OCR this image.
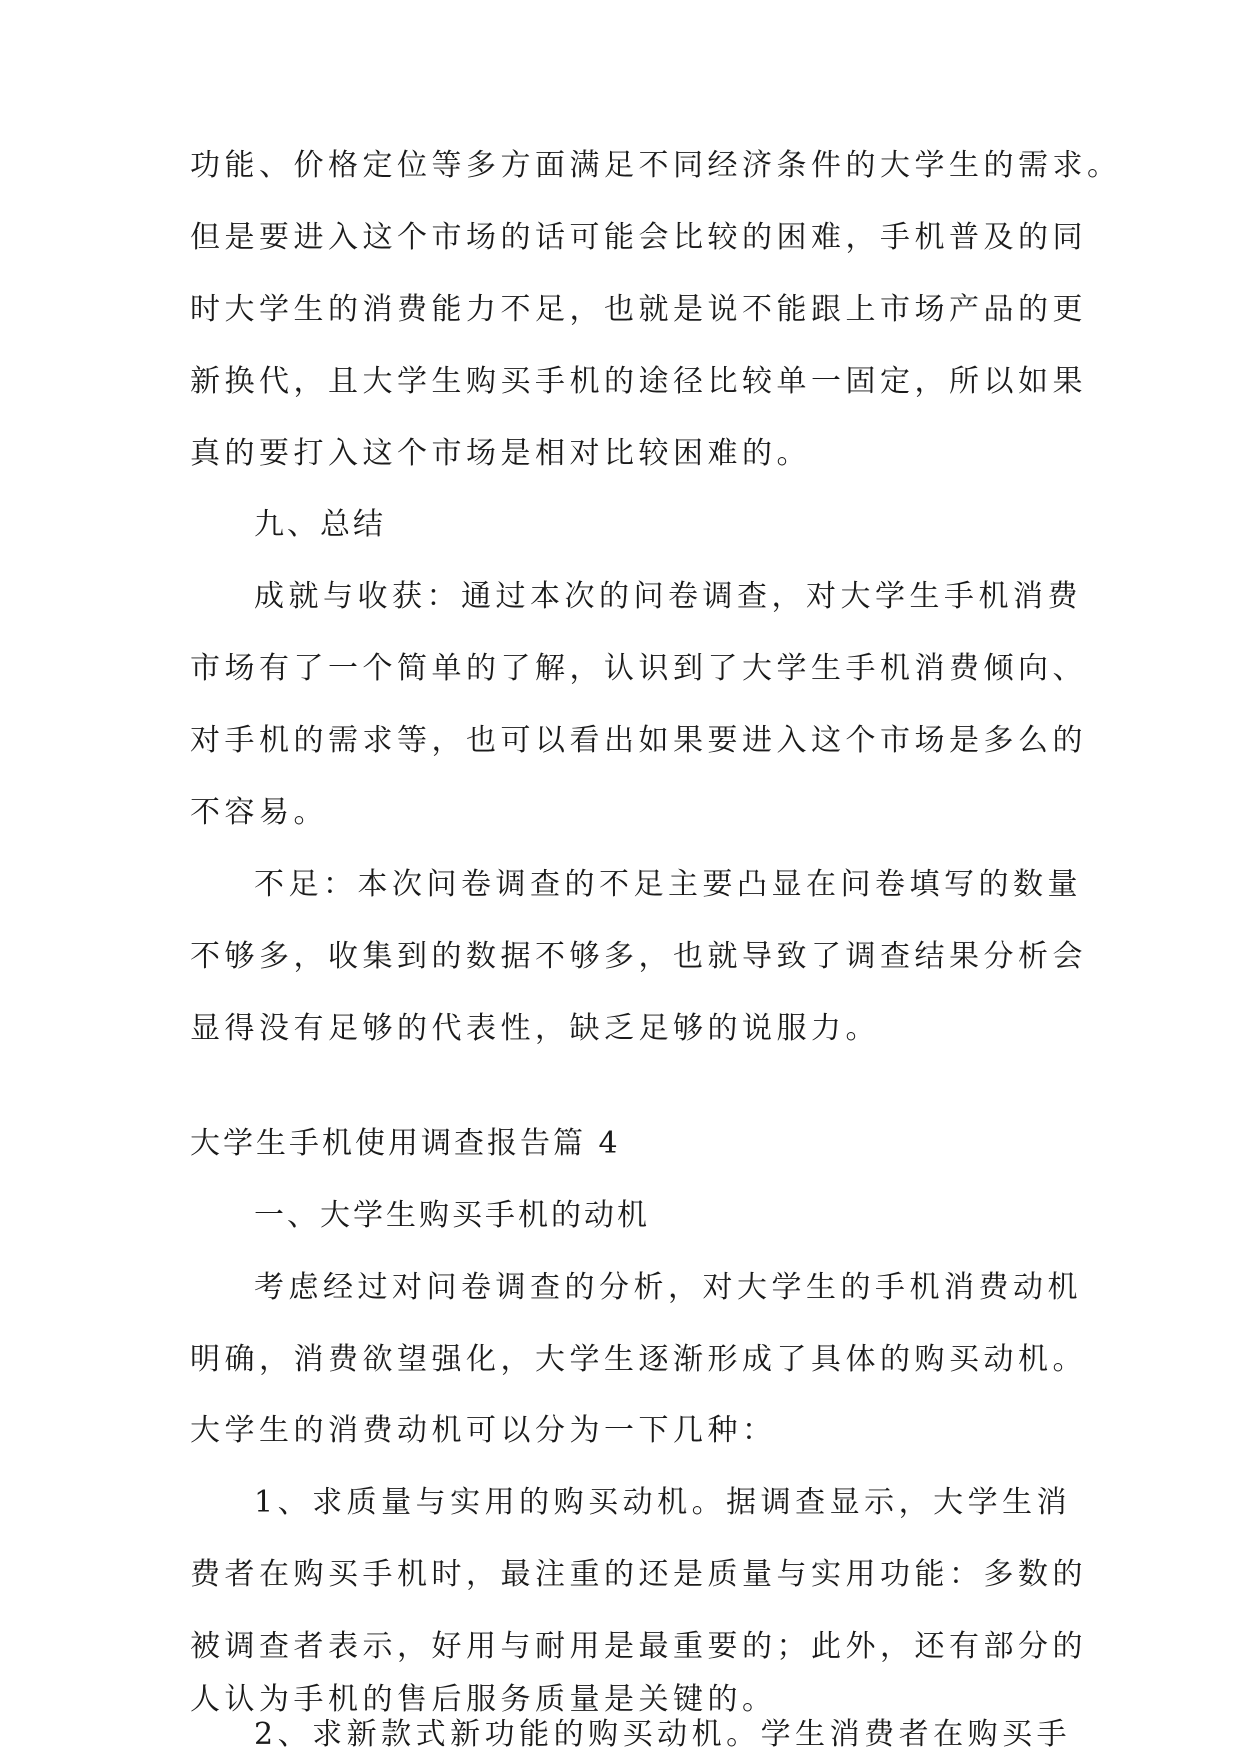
功能、价格定位等多方面满足不同经济条件的大学生的需求。

但是要进入这个市场的话可能会比较的困难，手机普及的同

时大学生的消费能力不足，也就是说不能跟上市场产品的更

新换代，且大学生购买手机的途径比较单一固定，所以如果

真的要打入这个市场是相对比较困难的。

九、总结

成就与收获：通过本次的问卷调查，对大学生手机消费

市场有了一个简单的了解，认识到了大学生手机消费倾向、

对手机的需求等，也可以看出如果要进入这个市场是多么的

不容易。

不足：本次问卷调查的不足主要凸显在问卷填写的数量

不够多，收集到的数据不够多，也就导致了调查结果分析会

显得没有足够的代表性，缺乏足够的说服力。

大学生手机使用调查报告篇 4

一、大学生购买手机的动机

考虑经过对问卷调查的分析，对大学生的手机消费动机

明确，消费欲望强化，大学生逐渐形成了具体的购买动机。

大学生的消费动机可以分为一下几种：

1、求质量与实用的购买动机。据调查显示，大学生消

费者在购买手机时，最注重的还是质量与实用功能：多数的

被调查者表示，好用与耐用是最重要的；此外，还有部分的

人认为手机的售后服务质量是关键的。

2、求新款式新功能的购买动机。学生消费者在购买手
